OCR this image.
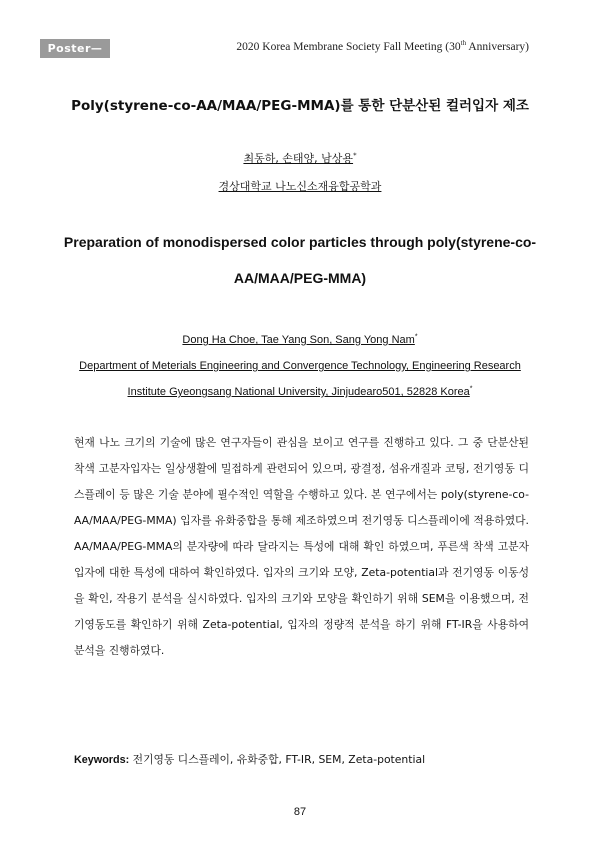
Poster—46
2020 Korea Membrane Society Fall Meeting (30th Anniversary)
Poly(styrene-co-AA/MAA/PEG-MMA)를 통한 단분산된 컬러입자 제조
최동하, 손태양, 남상용*
경상대학교 나노신소재융합공학과
Preparation of monodispersed color particles through poly(styrene-co-
AA/MAA/PEG-MMA)
Dong Ha Choe, Tae Yang Son, Sang Yong Nam*
Department of Meterials Engineering and Convergence Technology, Engineering Research
Institute Gyeongsang National University, Jinjudearo501, 52828 Korea*
현재 나노 크기의 기술에 많은 연구자들이 관심을 보이고 연구를 진행하고 있다. 그 중 단분산된 착색 고분자입자는 일상생활에 밀접하게 관련되어 있으며, 광결정, 섬유개질과 코팅, 전기영동 디스플레이 등 많은 기술 분야에 필수적인 역할을 수행하고 있다. 본 연구에서는 poly(styrene-co-AA/MAA/PEG-MMA) 입자를 유화중합을 통해 제조하였으며 전기영동 디스플레이에 적용하였다. AA/MAA/PEG-MMA의 분자량에 따라 달라지는 특성에 대해 확인 하였으며, 푸른색 착색 고분자 입자에 대한 특성에 대하여 확인하였다. 입자의 크기와 모양, Zeta-potential과 전기영동 이동성을 확인, 작용기 분석을 실시하였다. 입자의 크기와 모양을 확인하기 위해 SEM을 이용했으며, 전기영동도를 확인하기 위해 Zeta-potential, 입자의 정량적 분석을 하기 위해 FT-IR을 사용하여 분석을 진행하였다.
Keywords: 전기영동 디스플레이, 유화중합, FT-IR, SEM, Zeta-potential
87
